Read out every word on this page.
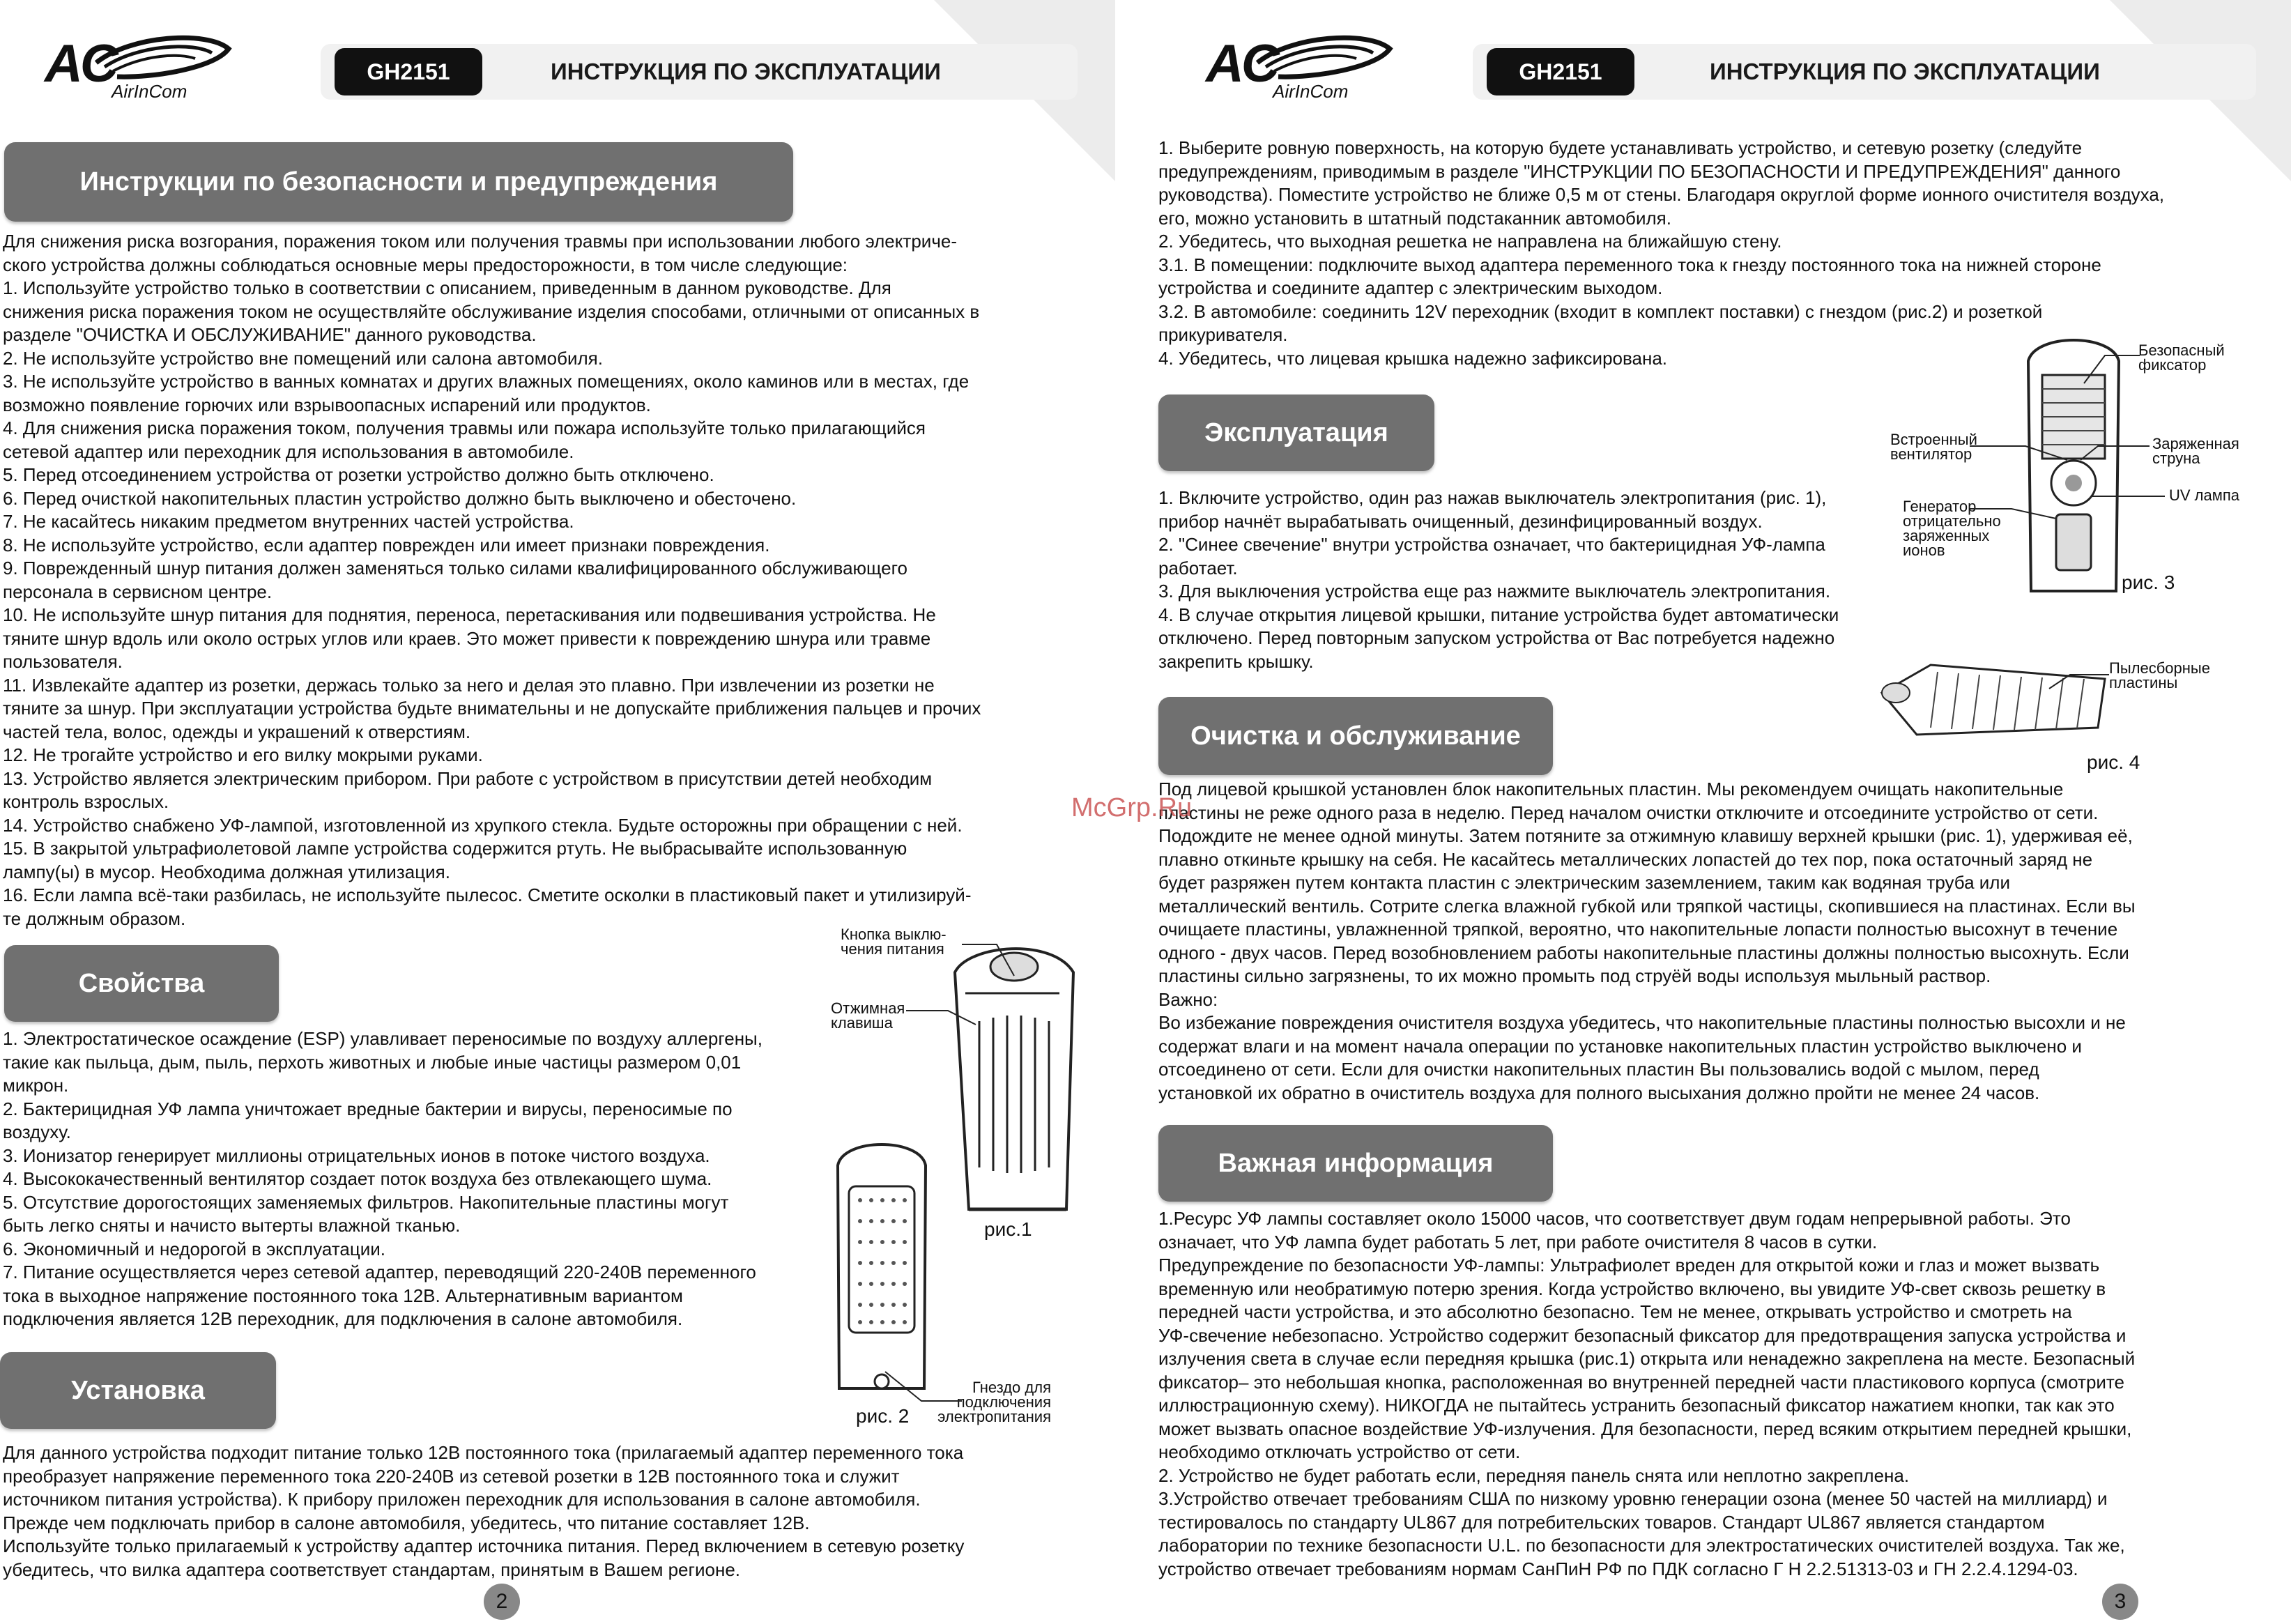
AC
AirInCom
GH2151	ИНСТРУКЦИЯ ПО ЭКСПЛУАТАЦИИ
Инструкции по безопасности и предупреждения

Для снижения риска возгорания, поражения током или получения травмы при использовании любого электриче-
ского устройства должны соблюдаться основные меры предосторожности, в том числе следующие:
1. Используйте устройство только в соответствии с описанием, приведенным в данном руководстве. Для
снижения риска поражения током не осуществляйте обслуживание изделия способами, отличными от описанных в
разделе "ОЧИСТКА И ОБСЛУЖИВАНИЕ" данного руководства.
2. Не используйте устройство вне помещений или салона автомобиля.
3. Не используйте устройство в ванных комнатах и других влажных помещениях, около каминов или в местах, где
возможно появление горючих или взрывоопасных испарений или продуктов.
4. Для снижения риска поражения током, получения травмы или пожара используйте только прилагающийся
сетевой адаптер или переходник для использования в автомобиле.
5. Перед отсоединением устройства от розетки устройство должно быть отключено.
6. Перед очисткой накопительных пластин устройство должно быть выключено и обесточено.
7. Не касайтесь никаким предметом внутренних частей устройства.
8. Не используйте устройство, если адаптер поврежден или имеет признаки повреждения.
9. Поврежденный шнур питания должен заменяться только силами квалифицированного обслуживающего
персонала в сервисном центре.
10. Не используйте шнур питания для поднятия, переноса, перетаскивания или подвешивания устройства. Не
тяните шнур вдоль или около острых углов или краев. Это может привести к повреждению шнура или травме
пользователя.
11. Извлекайте адаптер из розетки, держась только за него и делая это плавно. При извлечении из розетки не
тяните за шнур. При эксплуатации устройства будьте внимательны и не допускайте приближения пальцев и прочих
частей тела, волос, одежды и украшений к отверстиям.
12. Не трогайте устройство и его вилку мокрыми руками.
13. Устройство является электрическим прибором. При работе с устройством в присутствии детей необходим
контроль взрослых.
14. Устройство снабжено УФ-лампой, изготовленной из хрупкого стекла. Будьте осторожны при обращении с ней.
15. В закрытой ультрафиолетовой лампе устройства содержится ртуть. Не выбрасывайте использованную
лампу(ы) в мусор. Необходима должная утилизация.
16. Если лампа всё-таки разбилась, не используйте пылесос. Сметите осколки в пластиковый пакет и утилизируй-
те должным образом.

Свойства

1. Электростатическое осаждение (ESP) улавливает переносимые по воздуху аллергены,
такие как пыльца, дым, пыль, перхоть животных и любые иные частицы размером 0,01
микрон.
2. Бактерицидная УФ лампа уничтожает вредные бактерии и вирусы, переносимые по
воздуху.
3. Ионизатор генерирует миллионы отрицательных ионов в потоке чистого воздуха.
4. Высококачественный вентилятор создает поток воздуха без отвлекающего шума.
5. Отсутствие дорогостоящих заменяемых фильтров. Накопительные пластины могут
быть легко сняты и начисто вытерты влажной тканью.
6. Экономичный и недорогой в эксплуатации.
7. Питание осуществляется через сетевой адаптер, переводящий 220-240В переменного
тока в выходное напряжение постоянного тока 12В. Альтернативным вариантом
подключения является 12В переходник, для подключения в салоне автомобиля.

Установка

Для данного устройства подходит питание только 12В постоянного тока (прилагаемый адаптер переменного тока
преобразует напряжение переменного тока 220-240В из сетевой розетки в 12В постоянного тока и служит
источником питания устройства). К прибору приложен переходник для использования в салоне автомобиля.
Прежде чем подключать прибор в салоне автомобиля, убедитесь, что питание составляет 12В.
Используйте только прилагаемый к устройству адаптер источника питания. Перед включением в сетевую розетку
убедитесь, что вилка адаптера соответствует стандартам, принятым в Вашем регионе.

Кнопка выклю-
чения питания
Отжимная
клавиша
рис.1
Гнездо для
подключения
электропитания
рис. 2
2
AC
AirInCom
GH2151	ИНСТРУКЦИЯ ПО ЭКСПЛУАТАЦИИ

1. Выберите ровную поверхность, на которую будете устанавливать устройство, и сетевую розетку (следуйте
предупреждениям, приводимым в разделе "ИНСТРУКЦИИ ПО БЕЗОПАСНОСТИ И ПРЕДУПРЕЖДЕНИЯ" данного
руководства). Поместите устройство не ближе 0,5 м от стены. Благодаря округлой форме ионного очистителя воздуха,
его, можно установить в штатный подстаканник автомобиля.
2. Убедитесь, что выходная решетка не направлена на ближайшую стену.
3.1. В помещении: подключите выход адаптера переменного тока к гнезду постоянного тока на нижней стороне
устройства и соедините адаптер с электрическим выходом.
3.2. В автомобиле: соединить 12V переходник (входит в комплект поставки) с гнездом (рис.2) и розеткой
прикуривателя.
4. Убедитесь, что лицевая крышка надежно зафиксирована.

Эксплуатация

1. Включите устройство, один раз нажав выключатель электропитания (рис. 1),
прибор начнёт вырабатывать очищенный, дезинфицированный воздух.
2. "Синее свечение" внутри устройства означает, что бактерицидная УФ-лампа
работает.
3. Для выключения устройства еще раз нажмите выключатель электропитания.
4. В случае открытия лицевой крышки, питание устройства будет автоматически
отключено. Перед повторным запуском устройства от Вас потребуется надежно
закрепить крышку.

Очистка и обслуживание

Под лицевой крышкой установлен блок накопительных пластин. Мы рекомендуем очищать накопительные
пластины не реже одного раза в неделю. Перед началом очистки отключите и отсоедините устройство от сети.
Подождите не менее одной минуты. Затем потяните за отжимную клавишу верхней крышки (рис. 1), удерживая её,
плавно откиньте крышку на себя. Не касайтесь металлических лопастей до тех пор, пока остаточный заряд не
будет разряжен путем контакта пластин с электрическим заземлением, таким как водяная труба или
металлический вентиль. Сотрите слегка влажной губкой или тряпкой частицы, скопившиеся на пластинах. Если вы
очищаете пластины, увлажненной тряпкой, вероятно, что накопительные лопасти полностью высохнут в течение
одного - двух часов. Перед возобновлением работы накопительные пластины должны полностью высохнуть. Если
пластины сильно загрязнены, то их можно промыть под струёй воды используя мыльный раствор.
Важно:
Во избежание повреждения очистителя воздуха убедитесь, что накопительные пластины полностью высохли и не
содержат влаги и на момент начала операции по установке накопительных пластин устройство выключено и
отсоединено от сети. Если для очистки накопительных пластин Вы пользовались водой с мылом, перед
установкой их обратно в очиститель воздуха для полного высыхания должно пройти не менее 24 часов.

Важная информация

1.Ресурс УФ лампы составляет около 15000 часов, что соответствует двум годам непрерывной работы. Это
означает, что УФ лампа будет работать 5 лет, при работе очистителя 8 часов в сутки.
Предупреждение по безопасности УФ-лампы: Ультрафиолет вреден для открытой кожи и глаз и может вызвать
временную или необратимую потерю зрения. Когда устройство включено, вы увидите УФ-свет сквозь решетку в
передней части устройства, и это абсолютно безопасно. Тем не менее, открывать устройство и смотреть на
УФ-свечение небезопасно. Устройство содержит безопасный фиксатор для предотвращения запуска устройства и
излучения света в случае если передняя крышка (рис.1) открыта или ненадежно закреплена на месте. Безопасный
фиксатор– это небольшая кнопка, расположенная во внутренней передней части пластикового корпуса (смотрите
иллюстрационную схему). НИКОГДА не пытайтесь устранить безопасный фиксатор нажатием кнопки, так как это
может вызвать опасное воздействие УФ-излучения. Для безопасности, перед всяким открытием передней крышки,
необходимо отключать устройство от сети.
2. Устройство не будет работать если, передняя панель снята или неплотно закреплена.
3.Устройство отвечает требованиям США по низкому уровню генерации озона (менее 50 частей на миллиард) и
тестировалось по стандарту UL867 для потребительских товаров. Стандарт UL867 является стандартом
лаборатории по технике безопасности U.L. по безопасности для электростатических очистителей воздуха. Так же,
устройство отвечает требованиям нормам СанПиН РФ по ПДК согласно Г Н 2.2.51313-03 и ГН 2.2.4.1294-03.

Безопасный
фиксатор
Встроенный
вентилятор
Заряженная
струна
UV лампа
Генератор
отрицательно
заряженных
ионов
рис. 3
Пылесборные
пластины
рис. 4
3
McGrp.Ru
